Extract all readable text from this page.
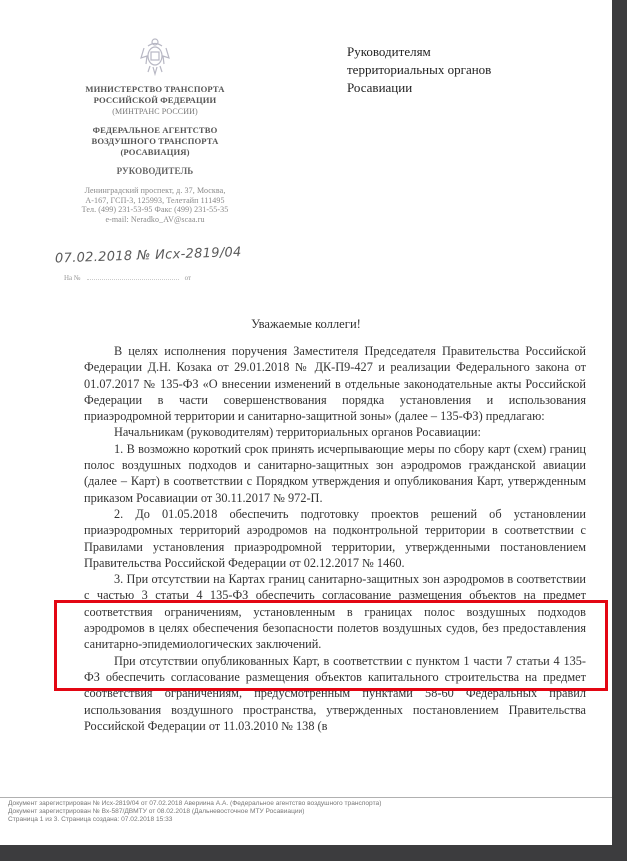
МИНИСТЕРСТВО ТРАНСПОРТА
РОССИЙСКОЙ ФЕДЕРАЦИИ
(МИНТРАНС РОССИИ)
ФЕДЕРАЛЬНОЕ АГЕНТСТВО
ВОЗДУШНОГО ТРАНСПОРТА
(РОСАВИАЦИЯ)
РУКОВОДИТЕЛЬ
Ленинградский проспект, д. 37, Москва,
А-167, ГСП-3, 125993, Телетайп 111495
Тел. (499) 231-53-95 Факс (499) 231-55-35
e-mail: Neradko_AV@scaa.ru
07.02.2018 № Исх-2819/04
На №	от
Руководителям
территориальных органов
Росавиации
Уважаемые коллеги!

В целях исполнения поручения Заместителя Председателя Правительства Российской Федерации Д.Н. Козака от 29.01.2018 № ДК-П9-427 и реализации Федерального закона от 01.07.2017 № 135-ФЗ «О внесении изменений в отдельные законодательные акты Российской Федерации в части совершенствования порядка установления и использования приаэродромной территории и санитарно-защитной зоны» (далее – 135-ФЗ) предлагаю:

Начальникам (руководителям) территориальных органов Росавиации:

1. В возможно короткий срок принять исчерпывающие меры по сбору карт (схем) границ полос воздушных подходов и санитарно-защитных зон аэродромов гражданской авиации (далее – Карт) в соответствии с Порядком утверждения и опубликования Карт, утвержденным приказом Росавиации от 30.11.2017 № 972-П.

2. До 01.05.2018 обеспечить подготовку проектов решений об установлении приаэродромных территорий аэродромов на подконтрольной территории в соответствии с Правилами установления приаэродромной территории, утвержденными постановлением Правительства Российской Федерации от 02.12.2017 № 1460.

3. При отсутствии на Картах границ санитарно-защитных зон аэродромов в соответствии с частью 3 статьи 4 135-ФЗ обеспечить согласование размещения объектов на предмет соответствия ограничениям, установленным в границах полос воздушных подходов аэродромов в целях обеспечения безопасности полетов воздушных судов, без предоставления санитарно-эпидемиологических заключений.

При отсутствии опубликованных Карт, в соответствии с пунктом 1 части 7 статьи 4 135-ФЗ обеспечить согласование размещения объектов капитального строительства на предмет соответствия ограничениям, предусмотренным пунктами 58-60 Федеральных правил использования воздушного пространства, утвержденных постановлением Правительства Российской Федерации от 11.03.2010 № 138 (в

Документ зарегистрирован № Исх-2819/04 от 07.02.2018 Авериина А.А. (Федеральное агентство воздушного транспорта)
Документ зарегистрирован № Вх-587/ДВМТУ от 08.02.2018 (Дальневосточное МТУ Росавиации)
Страница 1 из 3. Страница создана: 07.02.2018 15:33
